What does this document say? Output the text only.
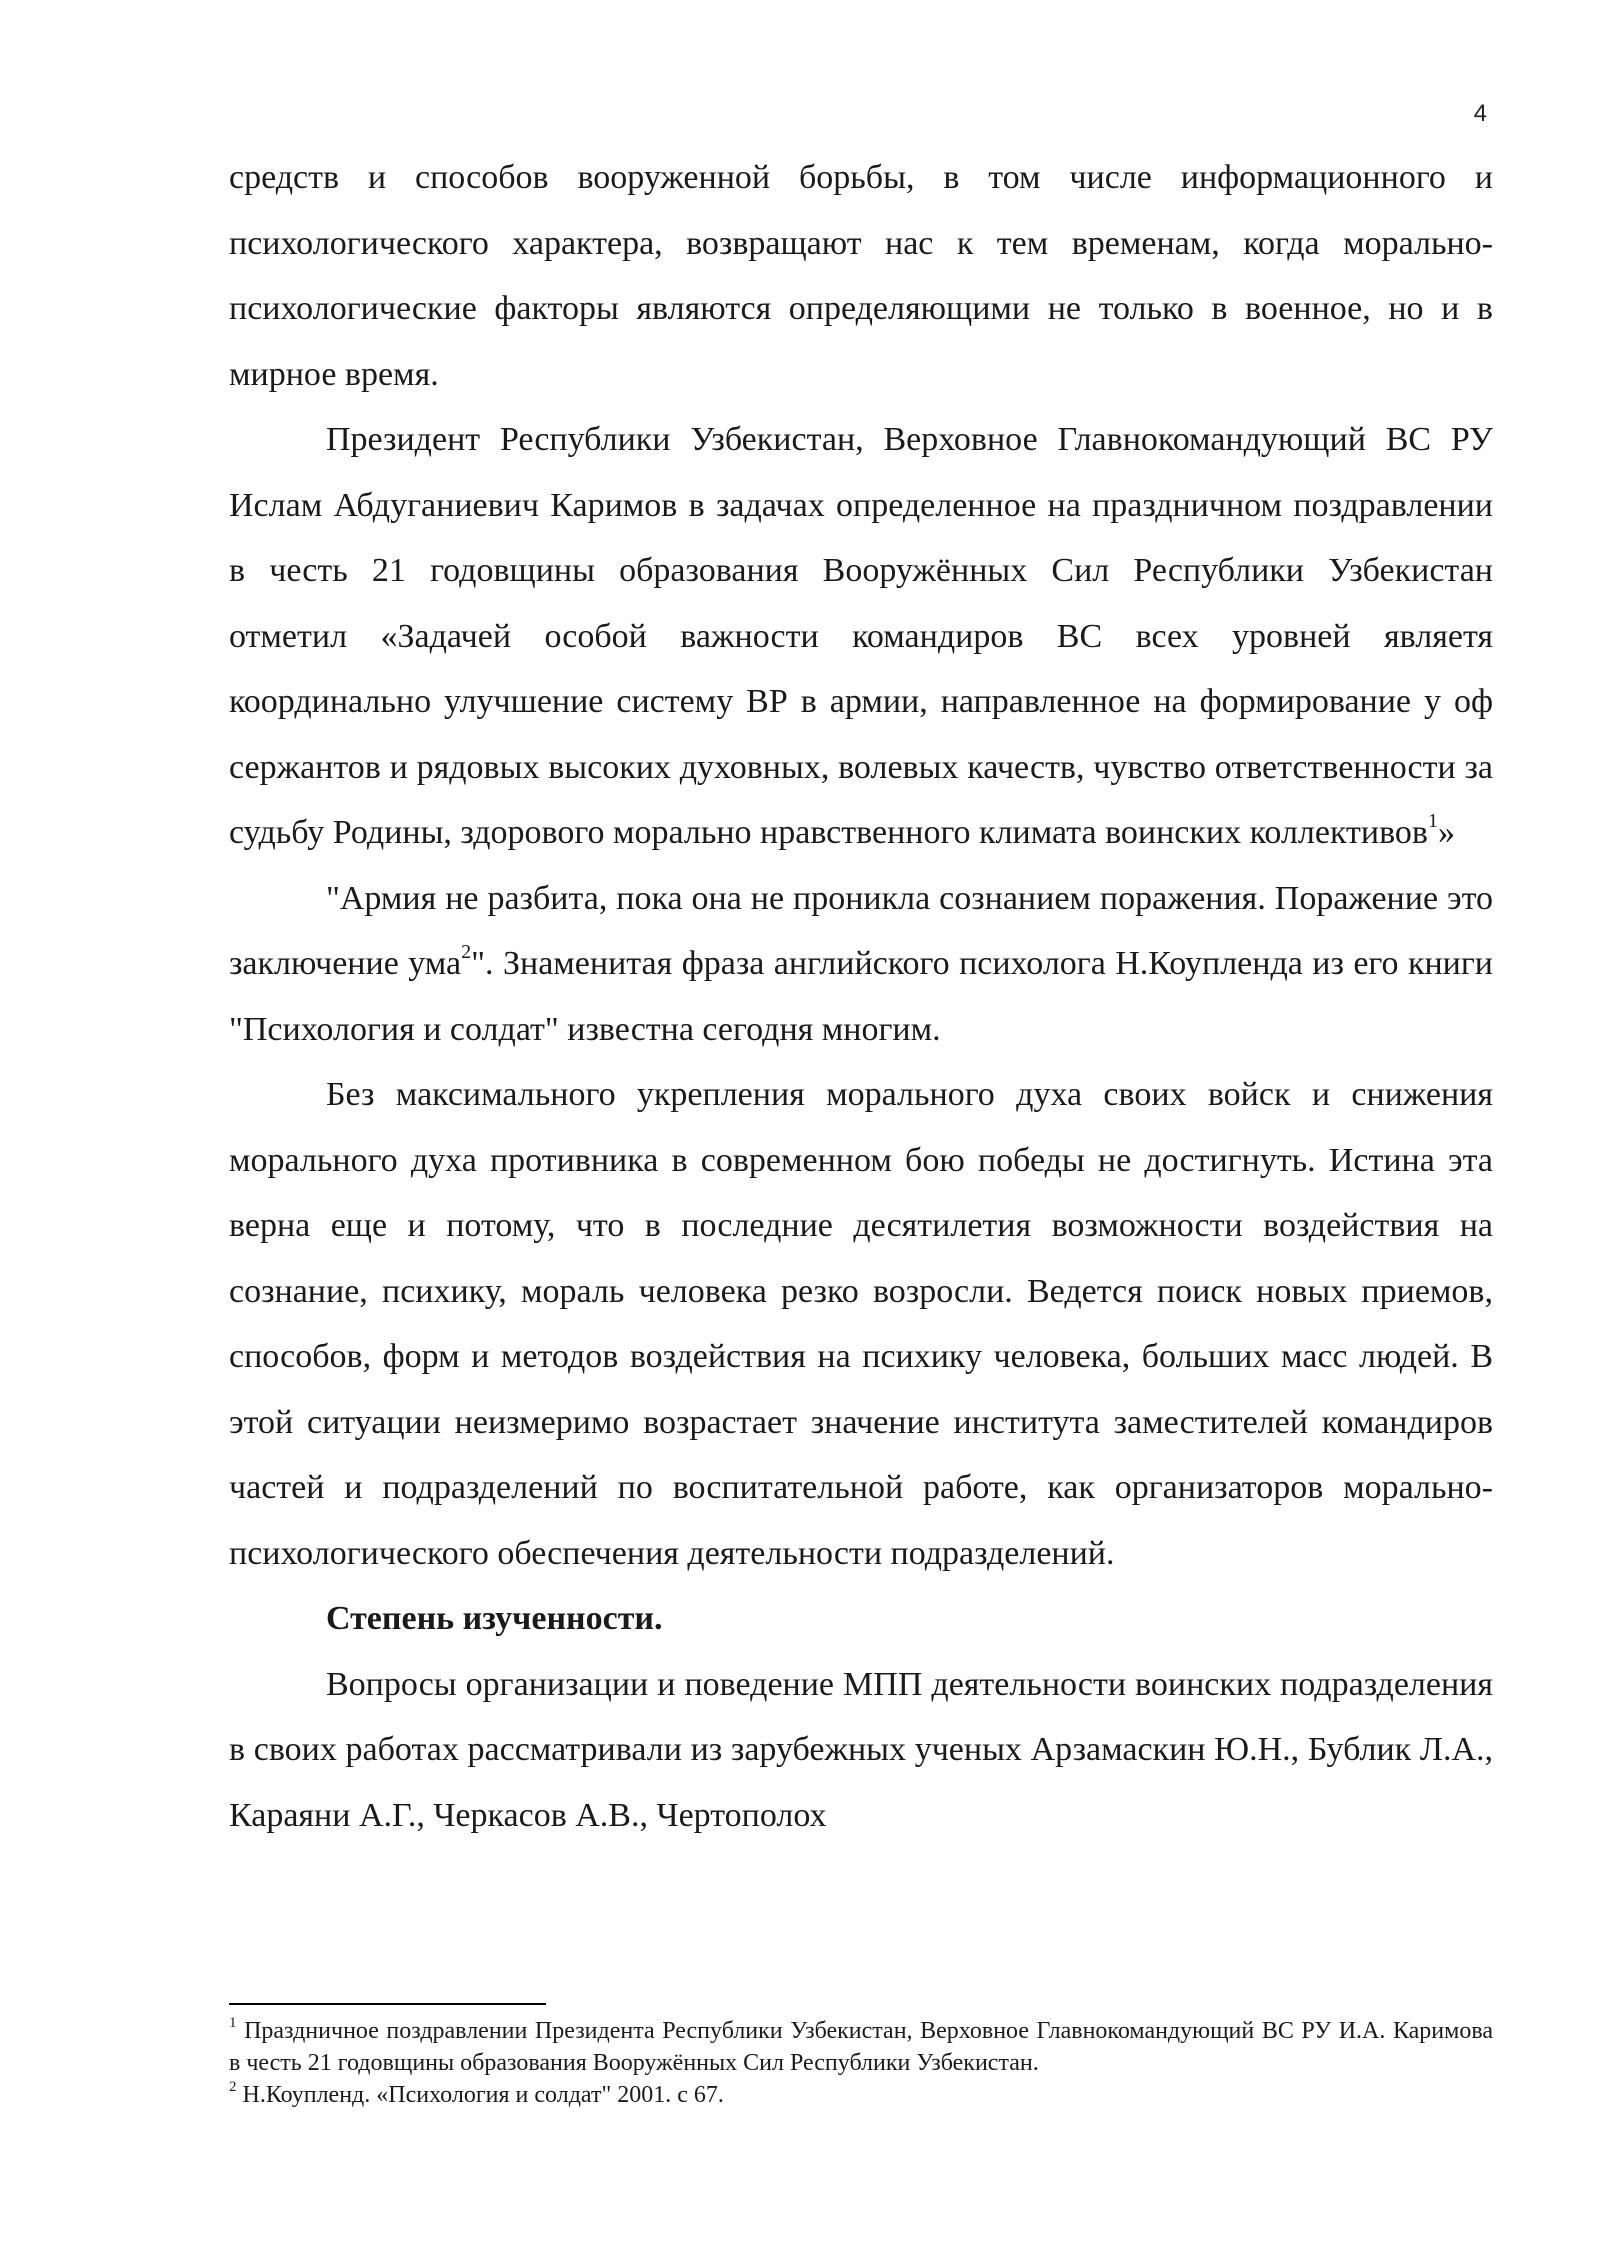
4

средств и способов вооруженной борьбы, в том числе информационного и психологического характера, возвращают нас к тем временам, когда морально-психологические факторы являются определяющими не только в военное, но и в мирное время.

Президент Республики Узбекистан, Верховное Главнокомандующий ВС РУ Ислам Абдуганиевич Каримов в задачах определенное на праздничном поздравлении в честь 21 годовщины образования Вооружённых Сил Республики Узбекистан отметил «Задачей особой важности командиров ВС всех уровней являетя координально улучшение систему ВР в армии, направленное на формирование у оф сержантов и рядовых высоких духовных, волевых качеств, чувство ответственности за судьбу Родины, здорового морально нравственного климата воинских коллективов$^1$»

"Армия не разбита, пока она не проникла сознанием поражения. Поражение это заключение ума$^2$". Знаменитая фраза английского психолога Н.Коупленда из его книги "Психология и солдат" известна сегодня многим.

Без максимального укрепления морального духа своих войск и снижения морального духа противника в современном бою победы не достигнуть. Истина эта верна еще и потому, что в последние десятилетия возможности воздействия на сознание, психику, мораль человека резко возросли. Ведется поиск новых приемов, способов, форм и методов воздействия на психику человека, больших масс людей. В этой ситуации неизмеримо возрастает значение института заместителей командиров частей и подразделений по воспитательной работе, как организаторов морально-психологического обеспечения деятельности подразделений.

Степень изученности.

Вопросы организации и поведение МПП деятельности воинских подразделения в своих работах рассматривали из зарубежных ученых Арзамаскин Ю.Н., Бублик Л.А., Караяни А.Г., Черкасов А.В., Чертополох

$^1$ Праздничное поздравлении Президента Республики Узбекистан, Верховное Главнокомандующий ВС РУ И.А. Каримова в честь 21 годовщины образования Вооружённых Сил Республики Узбекистан.

$^2$ Н.Коупленд. «Психология и солдат" 2001. с 67.
